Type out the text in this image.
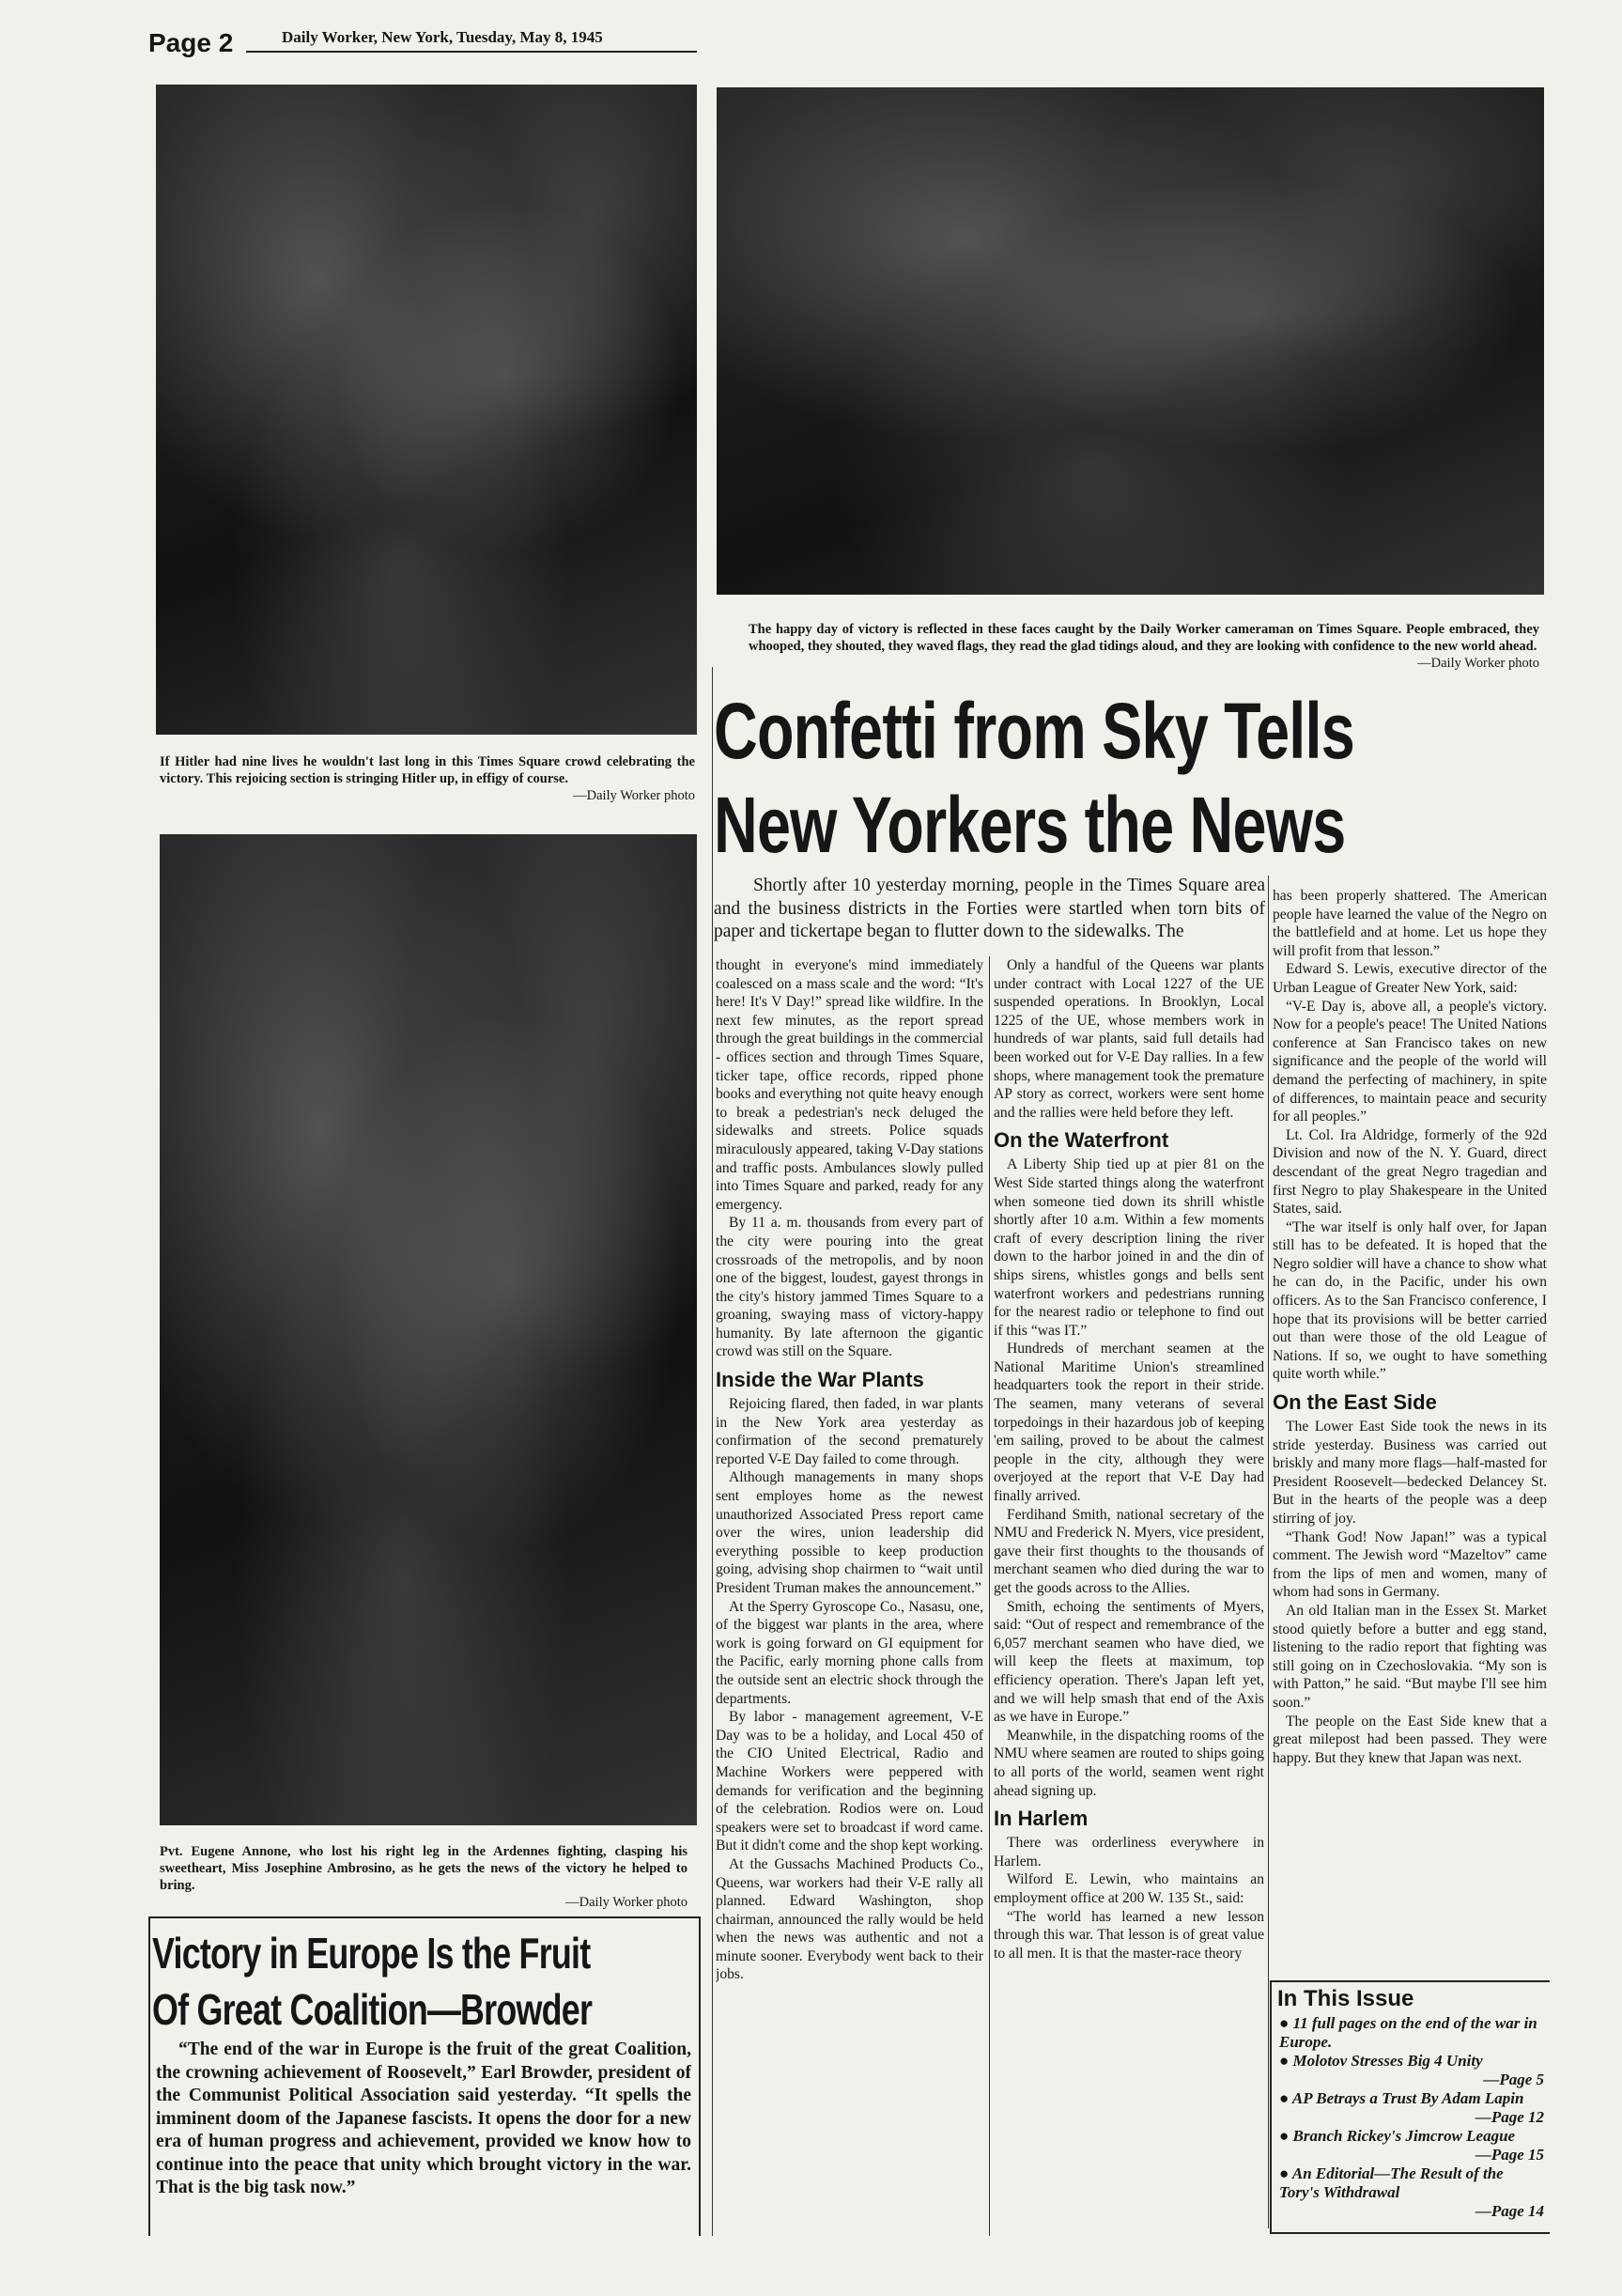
Page 2	Daily Worker, New York, Tuesday, May 8, 1945
If Hitler had nine lives he wouldn't last long in this Times Square crowd celebrating the victory. This rejoicing section is stringing Hitler up, in effigy of course.
—Daily Worker photo
The happy day of victory is reflected in these faces caught by the Daily Worker cameraman on Times Square. People embraced, they whooped, they shouted, they waved flags, they read the glad tidings aloud, and they are looking with confidence to the new world ahead.
—Daily Worker photo
Pvt. Eugene Annone, who lost his right leg in the Ardennes fighting, clasping his sweetheart, Miss Josephine Ambrosino, as he gets the news of the victory he helped to bring.
—Daily Worker photo
Victory in Europe Is the Fruit
Of Great Coalition—Browder

“The end of the war in Europe is the fruit of the great Coalition, the crowning achievement of Roosevelt,” Earl Browder, president of the Communist Political Association said yesterday. “It spells the imminent doom of the Japanese fascists. It opens the door for a new era of human progress and achievement, provided we know how to continue into the peace that unity which brought victory in the war. That is the big task now.”

Confetti from Sky Tells
New Yorkers the News

Shortly after 10 yesterday morning, people in the Times Square area and the business districts in the Forties were startled when torn bits of paper and tickertape began to flutter down to the sidewalks. The

thought in everyone's mind immediately coalesced on a mass scale and the word: “It's here! It's V Day!” spread like wildfire. In the next few minutes, as the report spread through the great buildings in the commercial - offices section and through Times Square, ticker tape, office records, ripped phone books and everything not quite heavy enough to break a pedestrian's neck deluged the sidewalks and streets. Police squads miraculously appeared, taking V-Day stations and traffic posts. Ambulances slowly pulled into Times Square and parked, ready for any emergency.

By 11 a. m. thousands from every part of the city were pouring into the great crossroads of the metropolis, and by noon one of the biggest, loudest, gayest throngs in the city's history jammed Times Square to a groaning, swaying mass of victory-happy humanity. By late afternoon the gigantic crowd was still on the Square.

Inside the War Plants

Rejoicing flared, then faded, in war plants in the New York area yesterday as confirmation of the second prematurely reported V-E Day failed to come through.

Although managements in many shops sent employes home as the newest unauthorized Associated Press report came over the wires, union leadership did everything possible to keep production going, advising shop chairmen to “wait until President Truman makes the announcement.”

At the Sperry Gyroscope Co., Nasasu, one, of the biggest war plants in the area, where work is going forward on GI equipment for the Pacific, early morning phone calls from the outside sent an electric shock through the departments.

By labor - management agreement, V-E Day was to be a holiday, and Local 450 of the CIO United Electrical, Radio and Machine Workers were peppered with demands for verification and the beginning of the celebration. Rodios were on. Loud speakers were set to broadcast if word came. But it didn't come and the shop kept working.

At the Gussachs Machined Products Co., Queens, war workers had their V-E rally all planned. Edward Washington, shop chairman, announced the rally would be held when the news was authentic and not a minute sooner. Everybody went back to their jobs.

Only a handful of the Queens war plants under contract with Local 1227 of the UE suspended operations. In Brooklyn, Local 1225 of the UE, whose members work in hundreds of war plants, said full details had been worked out for V-E Day rallies. In a few shops, where management took the premature AP story as correct, workers were sent home and the rallies were held before they left.

On the Waterfront

A Liberty Ship tied up at pier 81 on the West Side started things along the waterfront when someone tied down its shrill whistle shortly after 10 a.m. Within a few moments craft of every description lining the river down to the harbor joined in and the din of ships sirens, whistles gongs and bells sent waterfront workers and pedestrians running for the nearest radio or telephone to find out if this “was IT.”

Hundreds of merchant seamen at the National Maritime Union's streamlined headquarters took the report in their stride. The seamen, many veterans of several torpedoings in their hazardous job of keeping 'em sailing, proved to be about the calmest people in the city, although they were overjoyed at the report that V-E Day had finally arrived.

Ferdihand Smith, national secretary of the NMU and Frederick N. Myers, vice president, gave their first thoughts to the thousands of merchant seamen who died during the war to get the goods across to the Allies.

Smith, echoing the sentiments of Myers, said: “Out of respect and remembrance of the 6,057 merchant seamen who have died, we will keep the fleets at maximum, top efficiency operation. There's Japan left yet, and we will help smash that end of the Axis as we have in Europe.”

Meanwhile, in the dispatching rooms of the NMU where seamen are routed to ships going to all ports of the world, seamen went right ahead signing up.

In Harlem

There was orderliness everywhere in Harlem.

Wilford E. Lewin, who maintains an employment office at 200 W. 135 St., said:

“The world has learned a new lesson through this war. That lesson is of great value to all men. It is that the master-race theory

has been properly shattered. The American people have learned the value of the Negro on the battlefield and at home. Let us hope they will profit from that lesson.”

Edward S. Lewis, executive director of the Urban League of Greater New York, said:

“V-E Day is, above all, a people's victory. Now for a people's peace! The United Nations conference at San Francisco takes on new significance and the people of the world will demand the perfecting of machinery, in spite of differences, to maintain peace and security for all peoples.”

Lt. Col. Ira Aldridge, formerly of the 92d Division and now of the N. Y. Guard, direct descendant of the great Negro tragedian and first Negro to play Shakespeare in the United States, said.

“The war itself is only half over, for Japan still has to be defeated. It is hoped that the Negro soldier will have a chance to show what he can do, in the Pacific, under his own officers. As to the San Francisco conference, I hope that its provisions will be better carried out than were those of the old League of Nations. If so, we ought to have something quite worth while.”

On the East Side

The Lower East Side took the news in its stride yesterday. Business was carried out briskly and many more flags—half-masted for President Roosevelt—bedecked Delancey St. But in the hearts of the people was a deep stirring of joy.

“Thank God! Now Japan!” was a typical comment. The Jewish word “Mazeltov” came from the lips of men and women, many of whom had sons in Germany.

An old Italian man in the Essex St. Market stood quietly before a butter and egg stand, listening to the radio report that fighting was still going on in Czechoslovakia. “My son is with Patton,” he said. “But maybe I'll see him soon.”

The people on the East Side knew that a great milepost had been passed. They were happy. But they knew that Japan was next.

In This Issue
● 11 full pages on the end of the war in Europe.
● Molotov Stresses Big 4 Unity
—Page 5
● AP Betrays a Trust By Adam Lapin
—Page 12
● Branch Rickey's Jimcrow League
—Page 15
● An Editorial—The Result of the Tory's Withdrawal
—Page 14
